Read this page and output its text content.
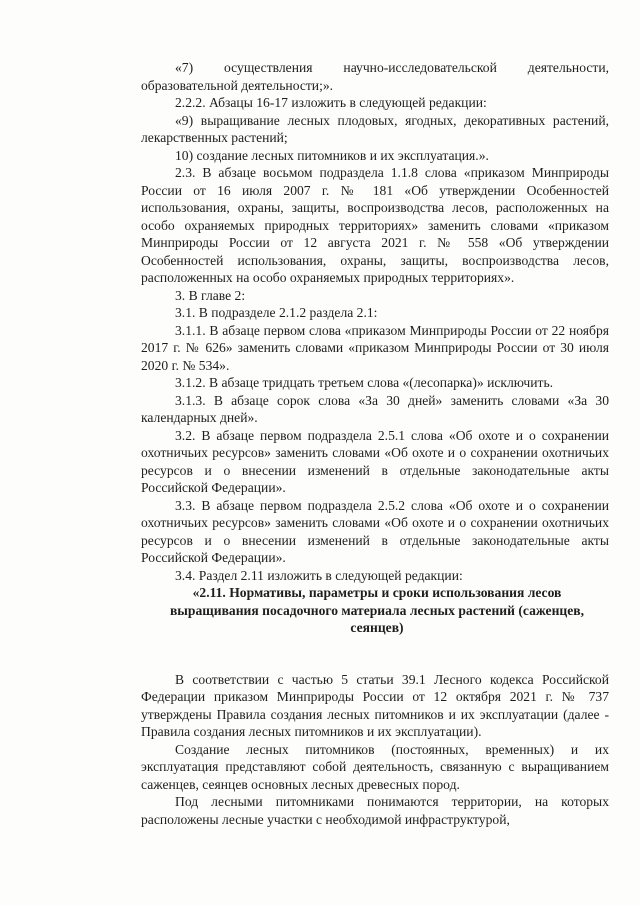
«7) осуществления научно-исследовательской деятельности, образовательной деятельности;».

2.2.2. Абзацы 16-17 изложить в следующей редакции:

«9) выращивание лесных плодовых, ягодных, декоративных растений, лекарственных растений;

10) создание лесных питомников и их эксплуатация.».

2.3. В абзаце восьмом подраздела 1.1.8 слова «приказом Минприроды России от 16 июля 2007 г. № 181 «Об утверждении Особенностей использования, охраны, защиты, воспроизводства лесов, расположенных на особо охраняемых природных территориях» заменить словами «приказом Минприроды России от 12 августа 2021 г. № 558 «Об утверждении Особенностей использования, охраны, защиты, воспроизводства лесов, расположенных на особо охраняемых природных территориях».

3. В главе 2:

3.1. В подразделе 2.1.2 раздела 2.1:

3.1.1. В абзаце первом слова «приказом Минприроды России от 22 ноября 2017 г. № 626» заменить словами «приказом Минприроды России от 30 июля 2020 г. № 534».

3.1.2. В абзаце тридцать третьем слова «(лесопарка)» исключить.

3.1.3. В абзаце сорок слова «За 30 дней» заменить словами «За 30 календарных дней».

3.2. В абзаце первом подраздела 2.5.1 слова «Об охоте и о сохранении охотничьих ресурсов» заменить словами «Об охоте и о сохранении охотничьих ресурсов и о внесении изменений в отдельные законодательные акты Российской Федерации».

3.3. В абзаце первом подраздела 2.5.2 слова «Об охоте и о сохранении охотничьих ресурсов» заменить словами «Об охоте и о сохранении охотничьих ресурсов и о внесении изменений в отдельные законодательные акты Российской Федерации».

3.4. Раздел 2.11 изложить в следующей редакции:

«2.11. Нормативы, параметры и сроки использования лесов выращивания посадочного материала лесных растений (саженцев, сеянцев)

В соответствии с частью 5 статьи 39.1 Лесного кодекса Российской Федерации приказом Минприроды России от 12 октября 2021 г. № 737 утверждены Правила создания лесных питомников и их эксплуатации (далее - Правила создания лесных питомников и их эксплуатации).

Создание лесных питомников (постоянных, временных) и их эксплуатация представляют собой деятельность, связанную с выращиванием саженцев, сеянцев основных лесных древесных пород.

Под лесными питомниками понимаются территории, на которых расположены лесные участки с необходимой инфраструктурой,
